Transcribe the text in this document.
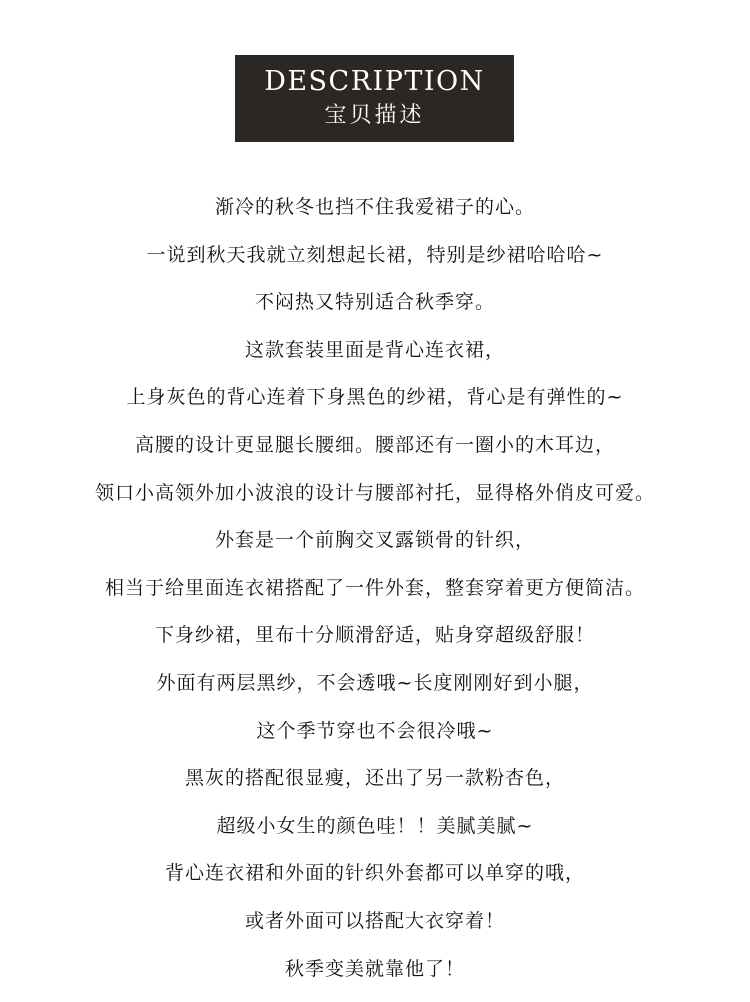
DESCRIPTION
宝贝描述
渐冷的秋冬也挡不住我爱裙子的心。
一说到秋天我就立刻想起长裙，特别是纱裙哈哈哈~
不闷热又特别适合秋季穿。
这款套装里面是背心连衣裙，
上身灰色的背心连着下身黑色的纱裙，背心是有弹性的~
高腰的设计更显腿长腰细。腰部还有一圈小的木耳边，
领口小高领外加小波浪的设计与腰部衬托，显得格外俏皮可爱。
外套是一个前胸交叉露锁骨的针织，
相当于给里面连衣裙搭配了一件外套，整套穿着更方便简洁。
下身纱裙，里布十分顺滑舒适，贴身穿超级舒服！
外面有两层黑纱，不会透哦~长度刚刚好到小腿，
这个季节穿也不会很冷哦~
黑灰的搭配很显瘦，还出了另一款粉杏色，
超级小女生的颜色哇！！美腻美腻~
背心连衣裙和外面的针织外套都可以单穿的哦，
或者外面可以搭配大衣穿着！
秋季变美就靠他了！
